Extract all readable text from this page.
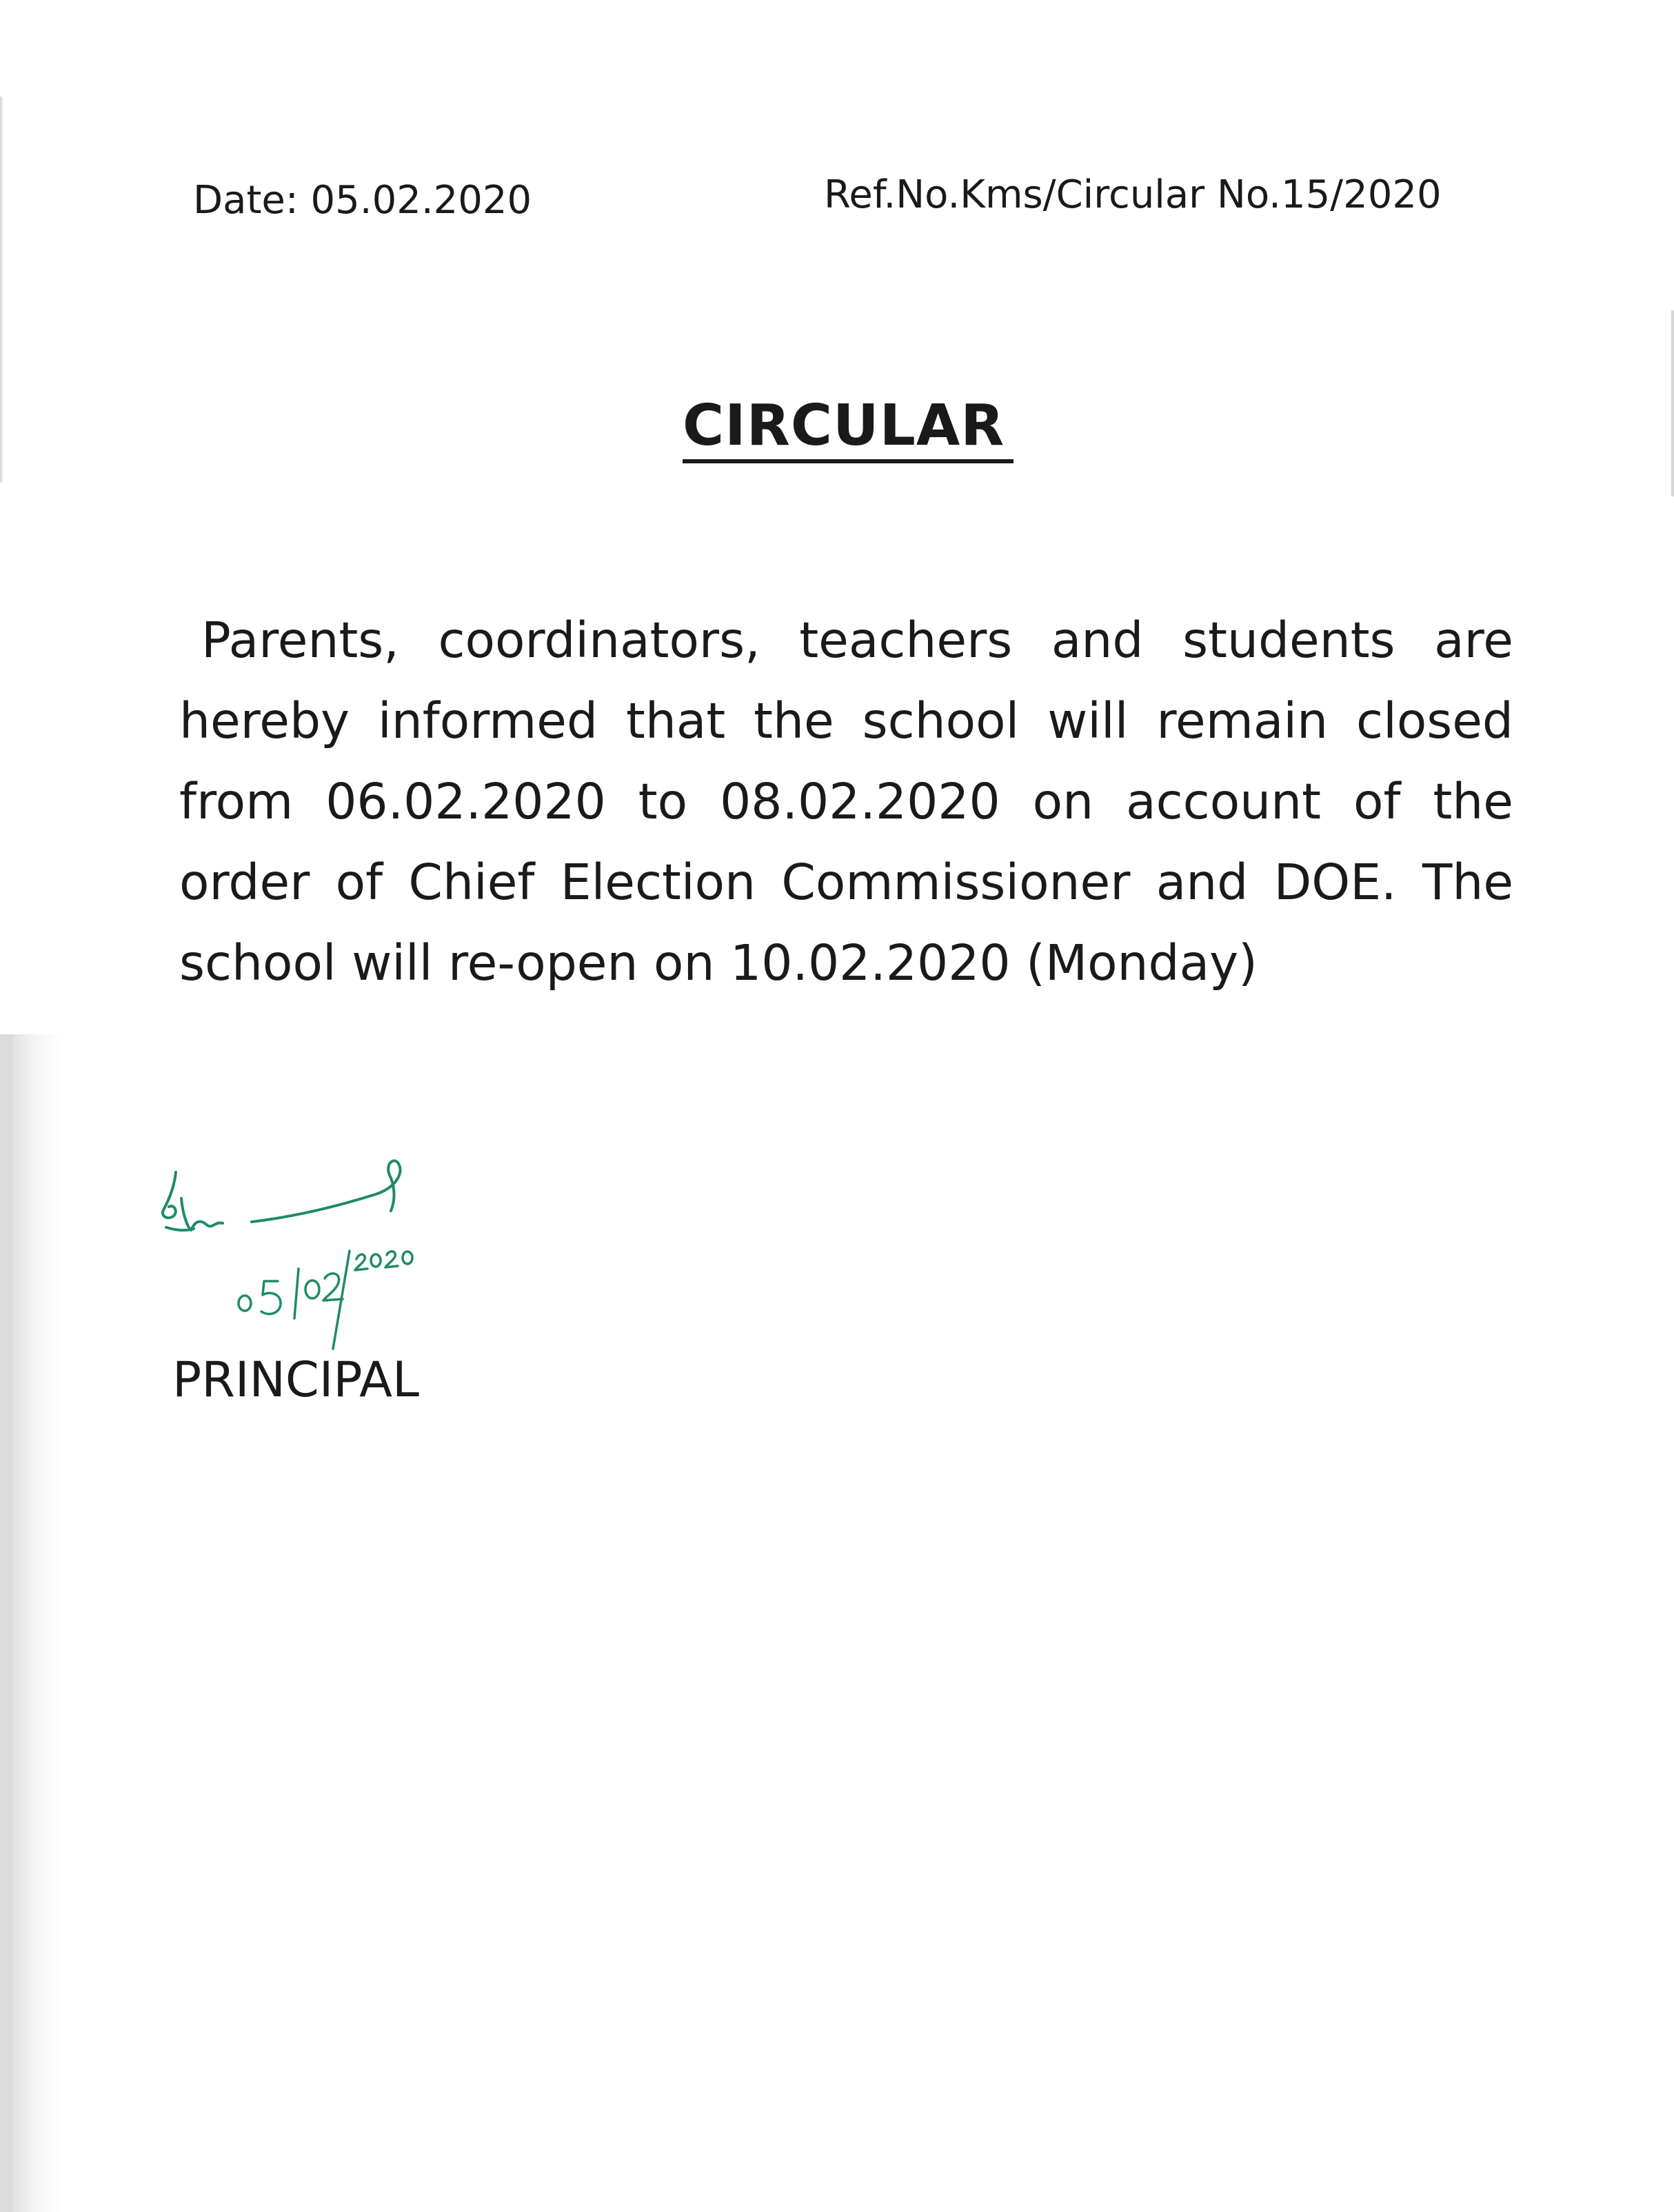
Date: 05.02.2020	Ref.No.Kms/Circular No.15/2020
CIRCULAR
Parents, coordinators, teachers and students are
hereby informed that the school will remain closed
from 06.02.2020 to 08.02.2020 on account of the
order of Chief Election Commissioner and DOE. The
school will re-open on 10.02.2020 (Monday)
PRINCIPAL
